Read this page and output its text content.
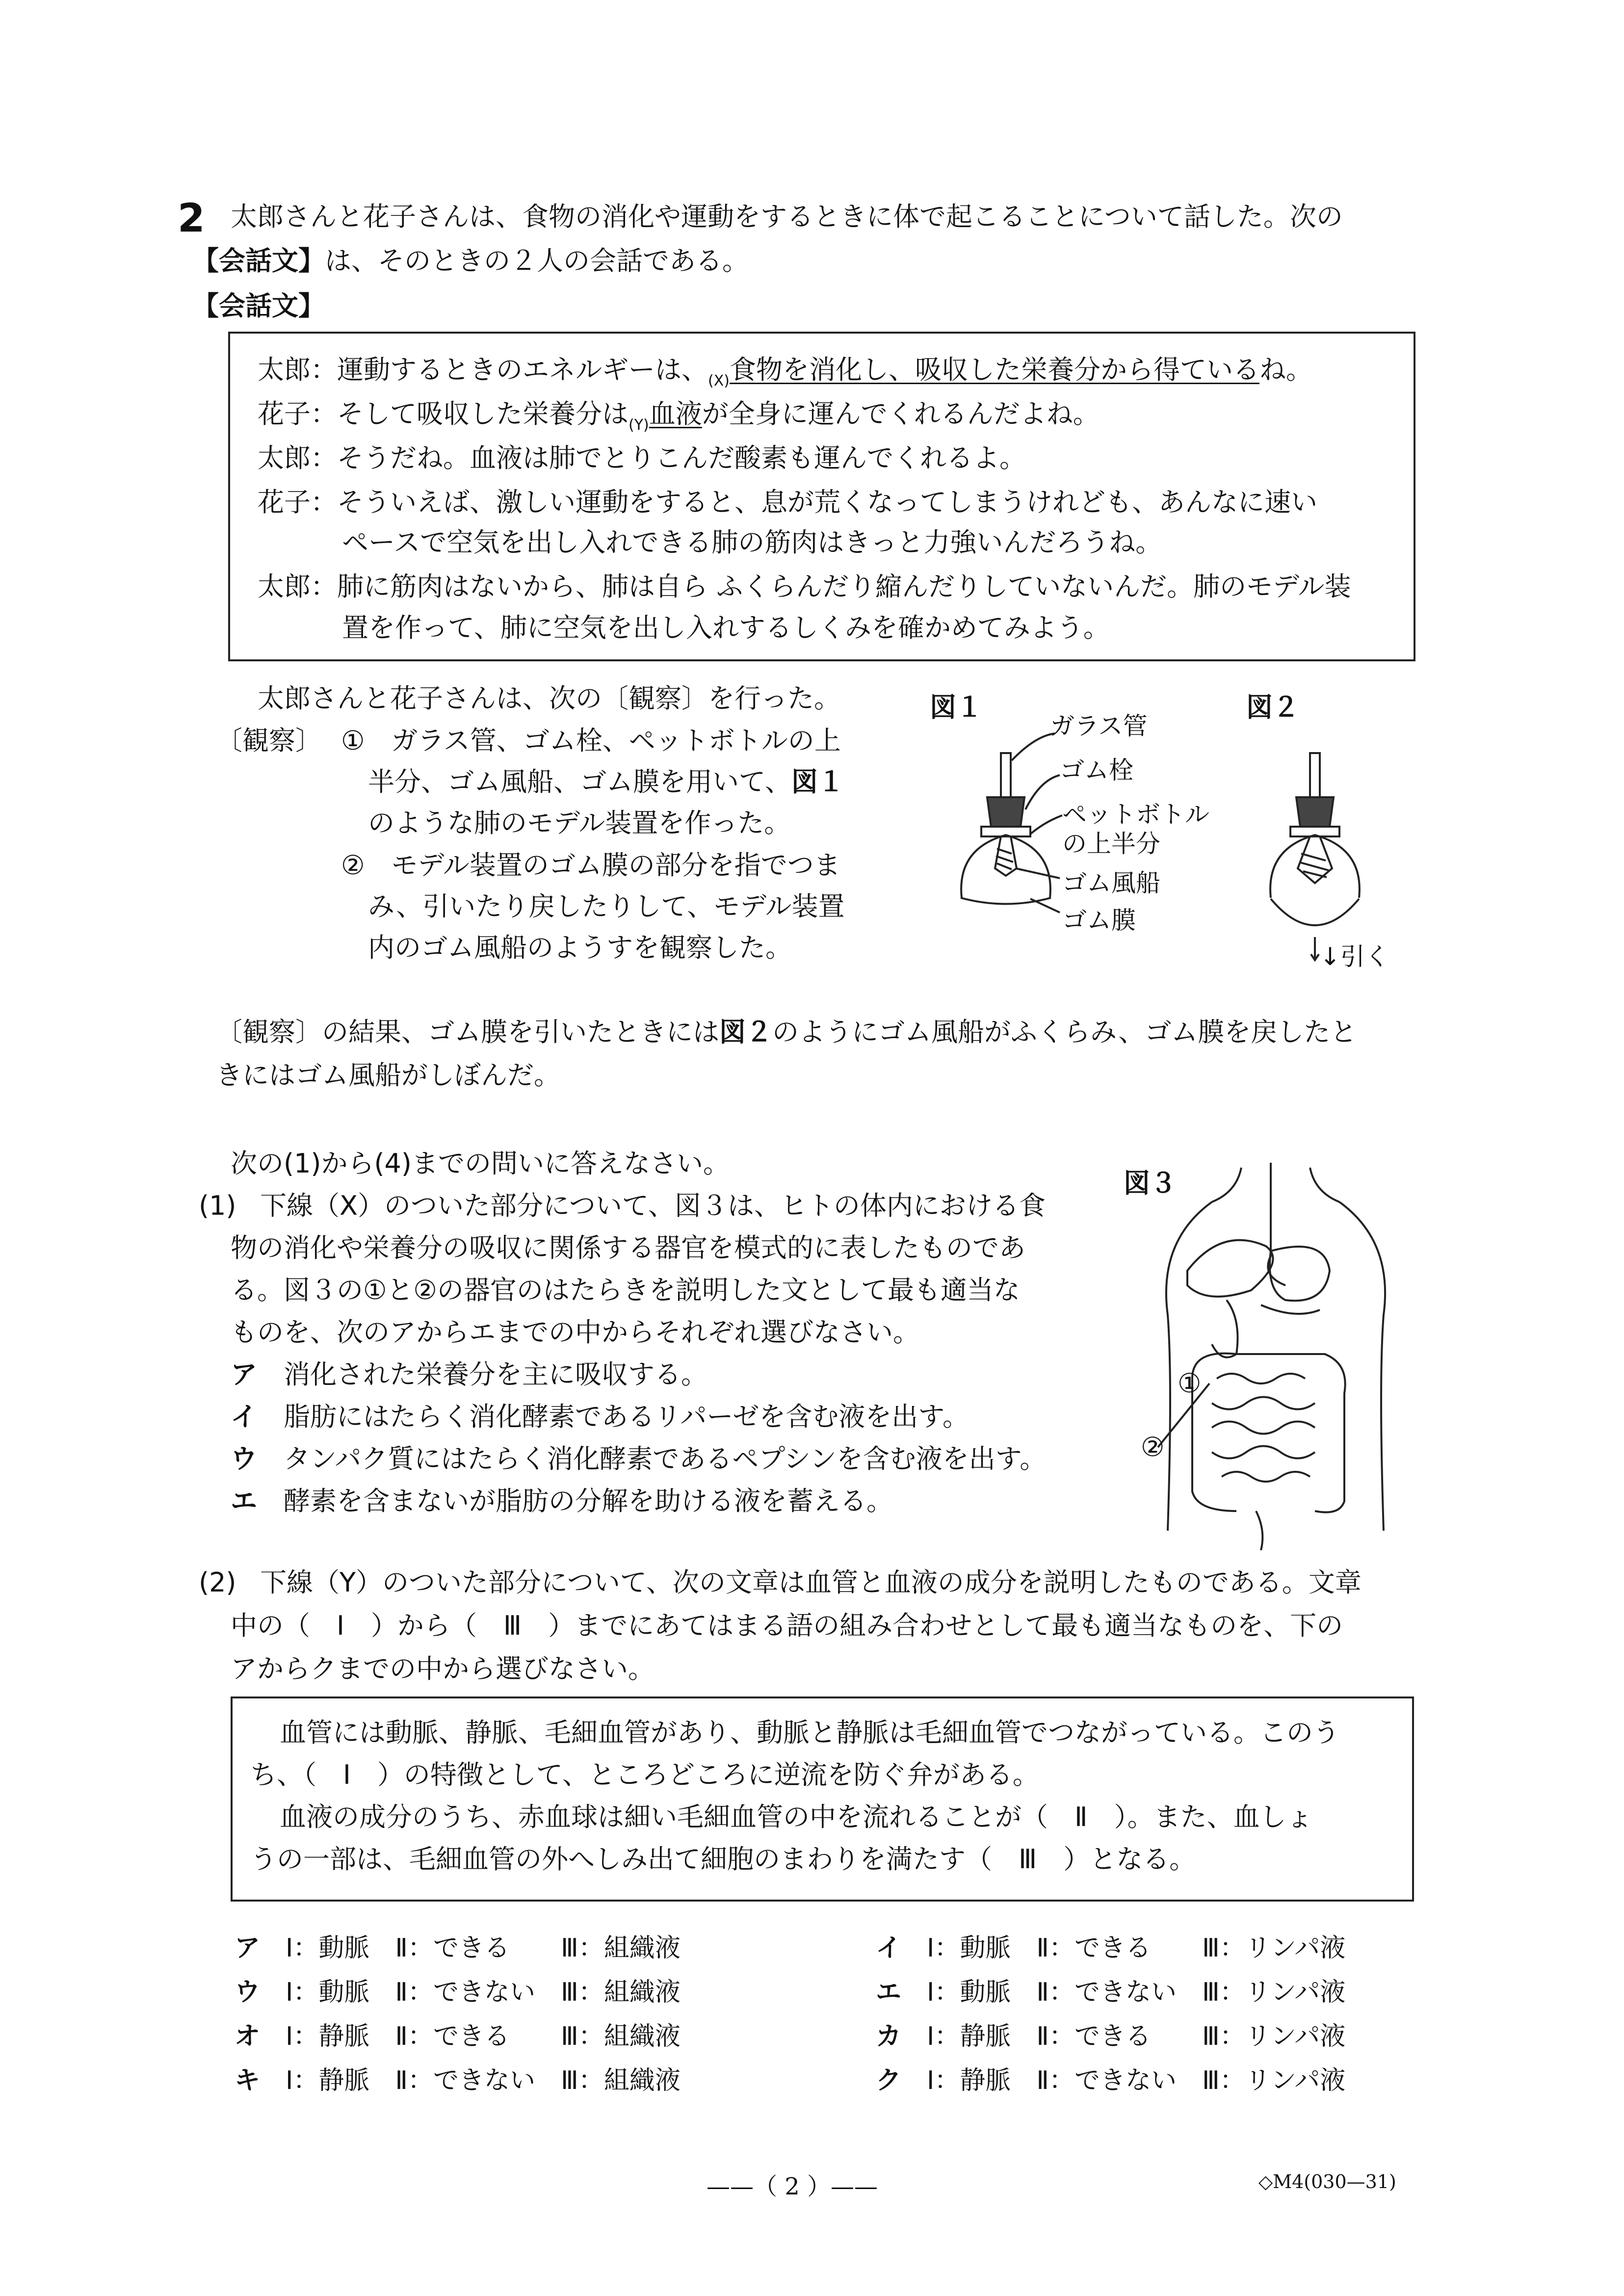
2 太郎さんと花子さんは、食物の消化や運動をするときに体で起こることについて話した。次の
【会話文】は、そのときの２人の会話である。
【会話文】
太郎：運動するときのエネルギーは、$_{(X)}$食物を消化し、吸収した栄養分から得ているね。
花子：そして吸収した栄養分は$_{(Y)}$血液が全身に運んでくれるんだよね。
太郎：そうだね。血液は肺でとりこんだ酸素も運んでくれるよ。
花子：そういえば、激しい運動をすると、息が荒くなってしまうけれども、あんなに速い
ペースで空気を出し入れできる肺の筋肉はきっと力強いんだろうね。
太郎：肺に筋肉はないから、肺は自ら ふくらんだり縮んだりしていないんだ。肺のモデル装
置を作って、肺に空気を出し入れするしくみを確かめてみよう。
太郎さんと花子さんは、次の〔観察〕を行った。
〔観察〕 ①　 ガラス管、ゴム栓、ペットボトルの上
半分、ゴム風船、ゴム膜を用いて、図１
のような肺のモデル装置を作った。
②　 モデル装置のゴム膜の部分を指でつま
み、引いたり戻したりして、モデル装置
内のゴム風船のようすを観察した。
図１	図２
ガラス管
ゴム栓
ペットボトル
の上半分
ゴム風船
ゴム膜
↓引く
〔観察〕の結果、ゴム膜を引いたときには図２のようにゴム風船がふくらみ、ゴム膜を戻したと
きにはゴム風船がしぼんだ。
次の(1)から(4)までの問いに答えなさい。
(1) 下線（X）のついた部分について、図３は、ヒトの体内における食
物の消化や栄養分の吸収に関係する器官を模式的に表したものであ
る。図３の①と②の器官のはたらきを説明した文として最も適当な
ものを、次のアからエまでの中からそれぞれ選びなさい。
ア　 消化された栄養分を主に吸収する。
イ　 脂肪にはたらく消化酵素であるリパーゼを含む液を出す。
ウ　 タンパク質にはたらく消化酵素であるペプシンを含む液を出す。
エ　 酵素を含まないが脂肪の分解を助ける液を蓄える。
図３
①
②
(2) 下線（Y）のついた部分について、次の文章は血管と血液の成分を説明したものである。文章
中の（　Ⅰ　）から（　Ⅲ　）までにあてはまる語の組み合わせとして最も適当なものを、下の
アからクまでの中から選びなさい。
血管には動脈、静脈、毛細血管があり、動脈と静脈は毛細血管でつながっている。このう
ち、（　Ⅰ　）の特徴として、ところどころに逆流を防ぐ弁がある。
血液の成分のうち、赤血球は細い毛細血管の中を流れることが（　Ⅱ　）。また、血しょ
うの一部は、毛細血管の外へしみ出て細胞のまわりを満たす（　Ⅲ　）となる。
ア　 Ⅰ：動脈　 Ⅱ：できる　　 Ⅲ：組織液	イ　 Ⅰ：動脈　 Ⅱ：できる　　 Ⅲ：リンパ液
ウ　 Ⅰ：動脈　 Ⅱ：できない　 Ⅲ：組織液	エ　 Ⅰ：動脈　 Ⅱ：できない　 Ⅲ：リンパ液
オ　 Ⅰ：静脈　 Ⅱ：できる　　 Ⅲ：組織液	カ　 Ⅰ：静脈　 Ⅱ：できる　　 Ⅲ：リンパ液
キ　 Ⅰ：静脈　 Ⅱ：できない　 Ⅲ：組織液	ク　 Ⅰ：静脈　 Ⅱ：できない　 Ⅲ：リンパ液
——（ 2 ）——	◇M4(030—31)
